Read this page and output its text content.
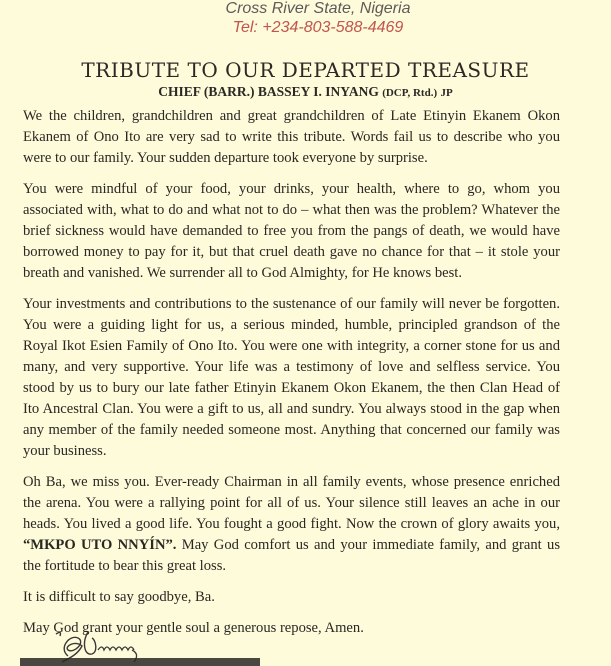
Cross River State, Nigeria
Tel: +234-803-588-4469
TRIBUTE TO OUR DEPARTED TREASURE
CHIEF (BARR.) BASSEY I. INYANG (DCP, Rtd.) JP

We the children, grandchildren and great grandchildren of Late Etinyin Ekanem Okon Ekanem of Ono Ito are very sad to write this tribute. Words fail us to describe who you were to our family. Your sudden departure took everyone by surprise.

You were mindful of your food, your drinks, your health, where to go, whom you associated with, what to do and what not to do – what then was the problem? Whatever the brief sickness would have demanded to free you from the pangs of death, we would have borrowed money to pay for it, but that cruel death gave no chance for that – it stole your breath and vanished. We surrender all to God Almighty, for He knows best.

Your investments and contributions to the sustenance of our family will never be forgotten. You were a guiding light for us, a serious minded, humble, principled grandson of the Royal Ikot Esien Family of Ono Ito. You were one with integrity, a corner stone for us and many, and very supportive. Your life was a testimony of love and selfless service. You stood by us to bury our late father Etinyin Ekanem Okon Ekanem, the then Clan Head of Ito Ancestral Clan. You were a gift to us, all and sundry. You always stood in the gap when any member of the family needed someone most. Anything that concerned our family was your business.

Oh Ba, we miss you. Ever-ready Chairman in all family events, whose presence enriched the arena. You were a rallying point for all of us. Your silence still leaves an ache in our heads. You lived a good life. You fought a good fight. Now the crown of glory awaits you, “MKPO UTO NNYÍN”. May God comfort us and your immediate family, and grant us the fortitude to bear this great loss.

It is difficult to say goodbye, Ba.

May God grant your gentle soul a generous repose, Amen.
